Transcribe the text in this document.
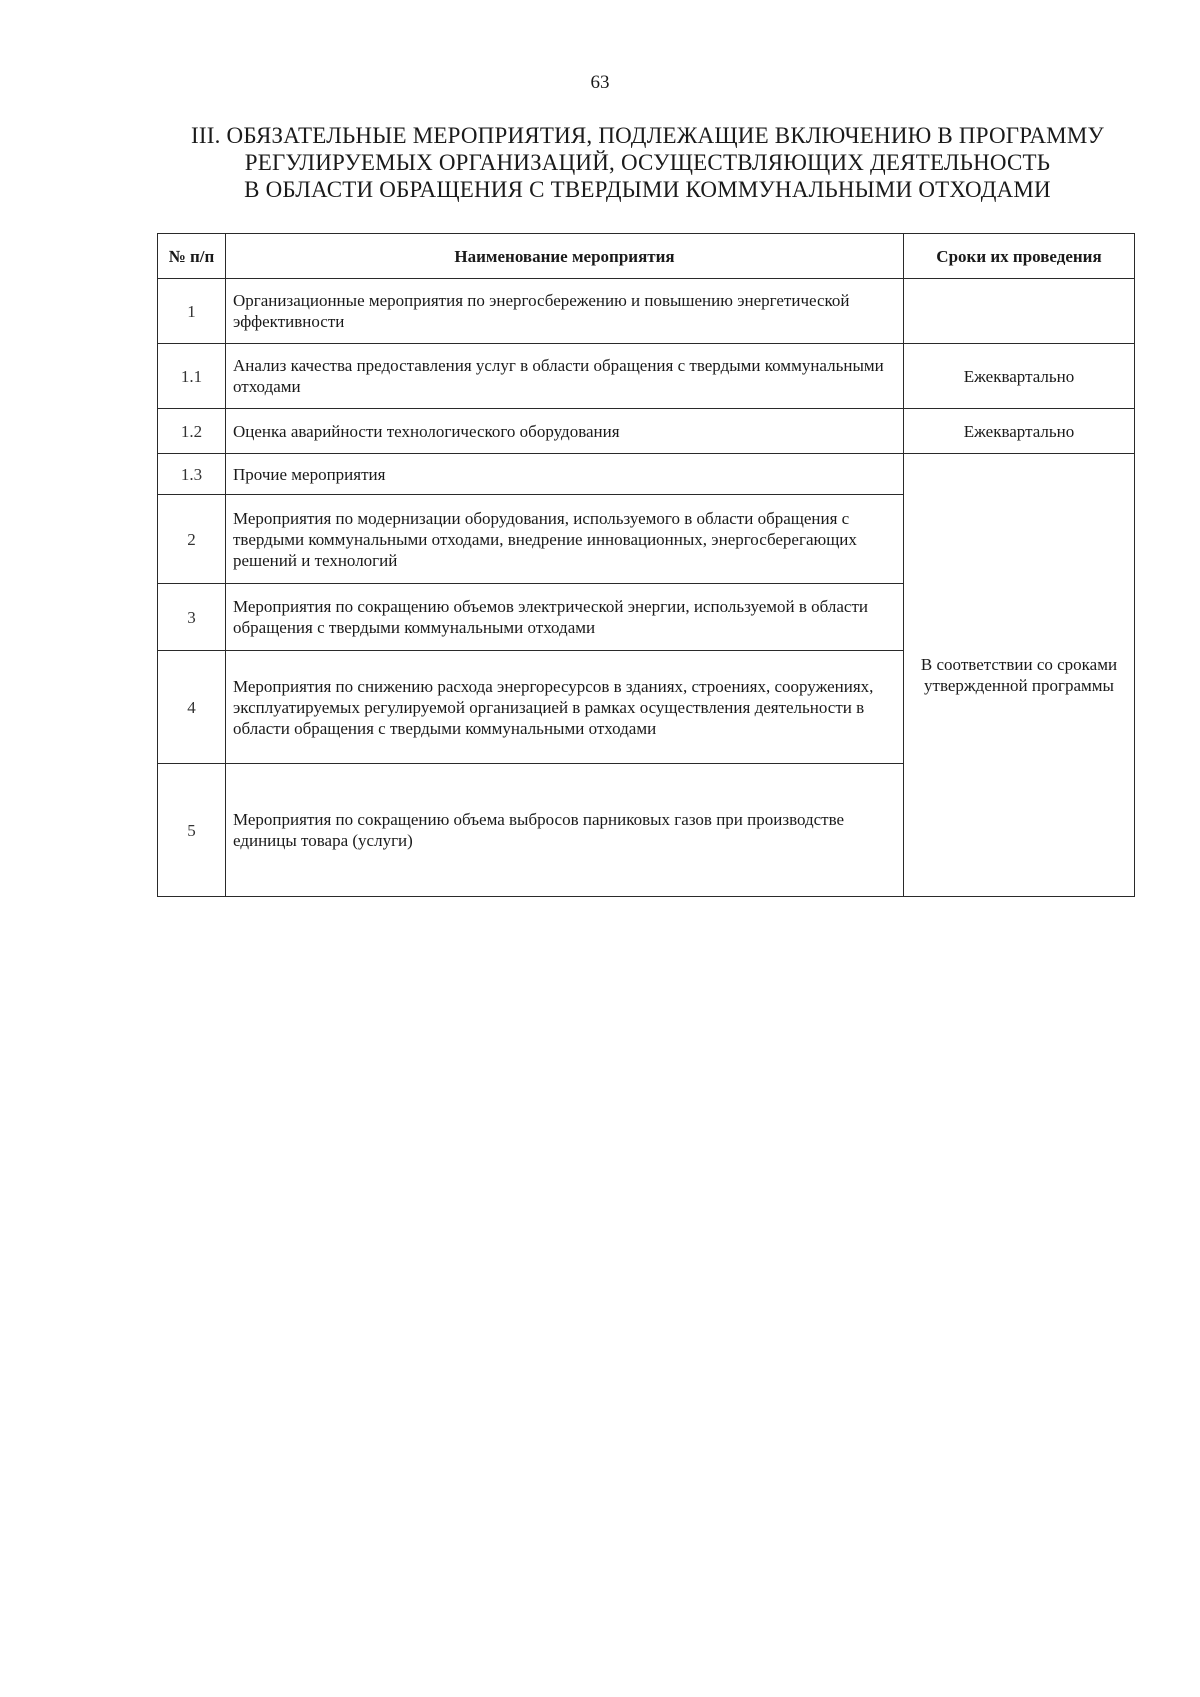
63
III. ОБЯЗАТЕЛЬНЫЕ МЕРОПРИЯТИЯ, ПОДЛЕЖАЩИЕ ВКЛЮЧЕНИЮ В ПРОГРАММУ
РЕГУЛИРУЕМЫХ ОРГАНИЗАЦИЙ, ОСУЩЕСТВЛЯЮЩИХ ДЕЯТЕЛЬНОСТЬ
В ОБЛАСТИ ОБРАЩЕНИЯ С ТВЕРДЫМИ КОММУНАЛЬНЫМИ ОТХОДАМИ
№ п/п	Наименование мероприятия	Сроки их проведения
1	Организационные мероприятия по энергосбережению и повышению энергетической эффективности	
1.1	Анализ качества предоставления услуг в области обращения с твердыми коммунальными отходами	Ежеквартально
1.2	Оценка аварийности технологического оборудования	Ежеквартально
1.3	Прочие мероприятия	В соответствии со сроками утвержденной программы
2	Мероприятия по модернизации оборудования, используемого в области обращения с твердыми коммунальными отходами, внедрение инновационных, энергосберегающих решений и технологий	
3	Мероприятия по сокращению объемов электрической энергии, используемой в области обращения с твердыми коммунальными отходами	
4	Мероприятия по снижению расхода энергоресурсов в зданиях, строениях, сооружениях, эксплуатируемых регулируемой организацией в рамках осуществления деятельности в области обращения с твердыми коммунальными отходами	
5	Мероприятия по сокращению объема выбросов парниковых газов при производстве единицы товара (услуги)	
